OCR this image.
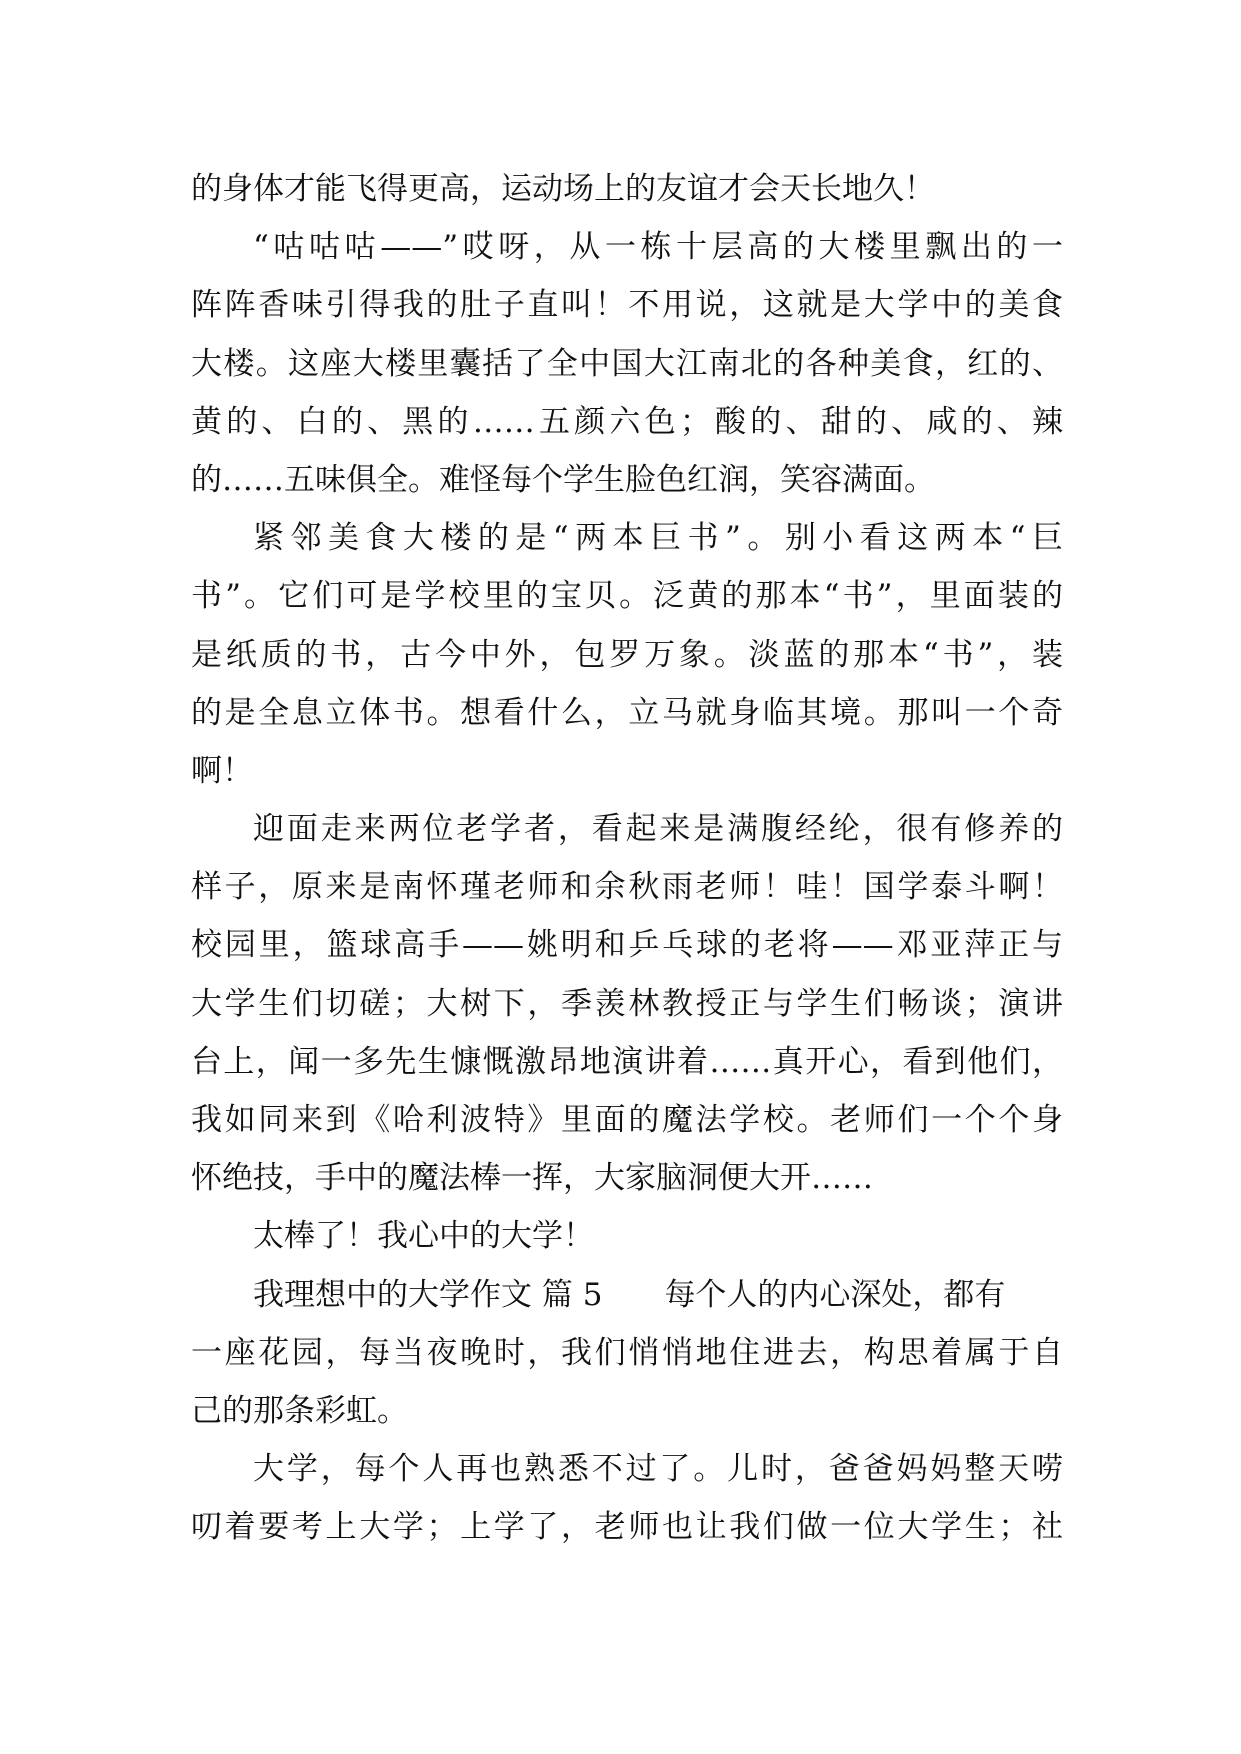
的身体才能飞得更高，运动场上的友谊才会天长地久！
“咕咕咕——”哎呀，从一栋十层高的大楼里飘出的一
阵阵香味引得我的肚子直叫！不用说，这就是大学中的美食
大楼。这座大楼里囊括了全中国大江南北的各种美食，红的、
黄的、白的、黑的……五颜六色；酸的、甜的、咸的、辣
的……五味俱全。难怪每个学生脸色红润，笑容满面。
紧邻美食大楼的是“两本巨书”。别小看这两本“巨
书”。它们可是学校里的宝贝。泛黄的那本“书”，里面装的
是纸质的书，古今中外，包罗万象。淡蓝的那本“书”，装
的是全息立体书。想看什么，立马就身临其境。那叫一个奇
啊！
迎面走来两位老学者，看起来是满腹经纶，很有修养的
样子，原来是南怀瑾老师和余秋雨老师！哇！国学泰斗啊！
校园里，篮球高手——姚明和乒乓球的老将——邓亚萍正与
大学生们切磋；大树下，季羡林教授正与学生们畅谈；演讲
台上，闻一多先生慷慨激昂地演讲着……真开心，看到他们，
我如同来到《哈利波特》里面的魔法学校。老师们一个个身
怀绝技，手中的魔法棒一挥，大家脑洞便大开……
太棒了！我心中的大学！
我理想中的大学作文 篇 5 每个人的内心深处，都有
一座花园，每当夜晚时，我们悄悄地住进去，构思着属于自
己的那条彩虹。
大学，每个人再也熟悉不过了。儿时，爸爸妈妈整天唠
叨着要考上大学；上学了，老师也让我们做一位大学生；社
